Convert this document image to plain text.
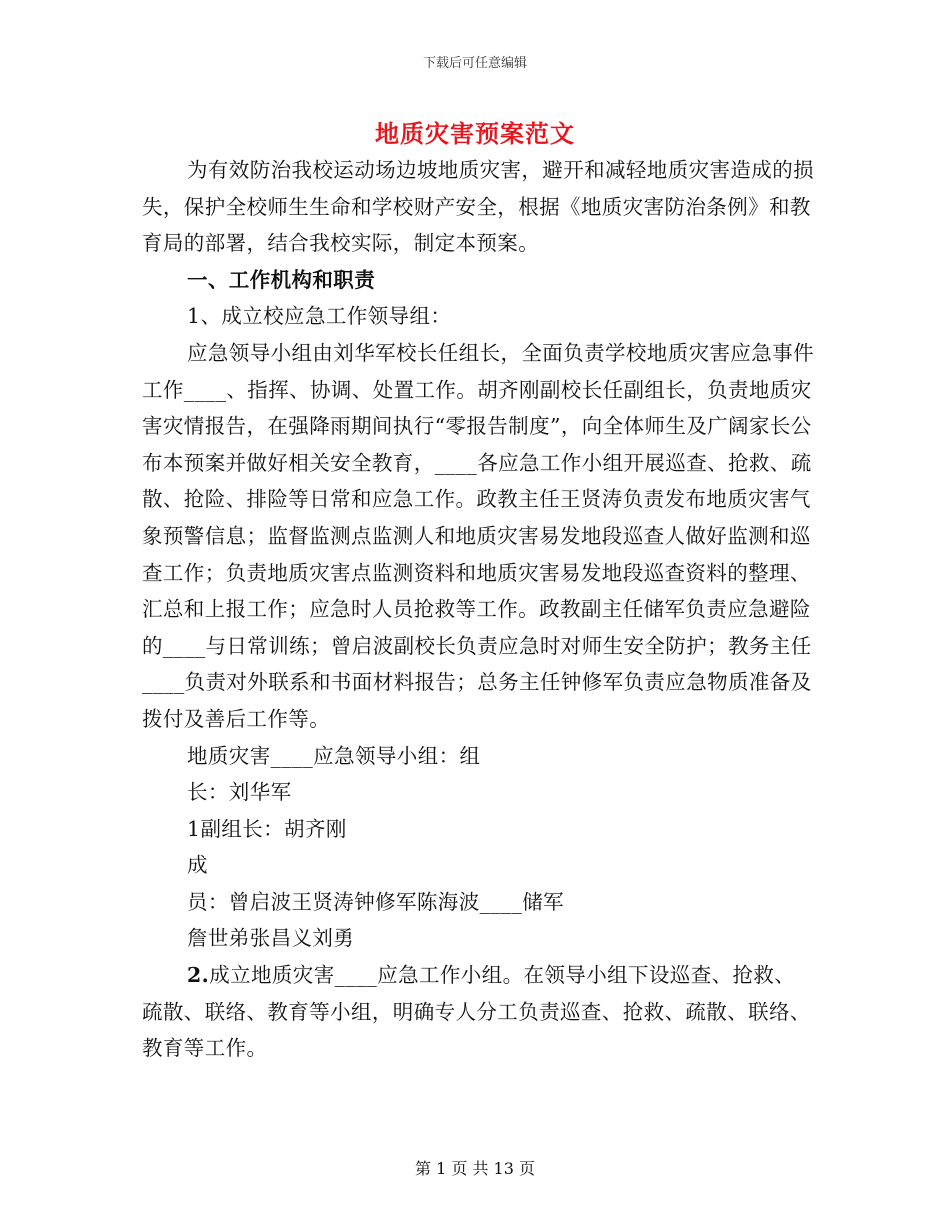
下载后可任意编辑
地质灾害预案范文

为有效防治我校运动场边坡地质灾害，避开和减轻地质灾害造成的损失，保护全校师生生命和学校财产安全，根据《地质灾害防治条例》和教育局的部署，结合我校实际，制定本预案。

一、工作机构和职责

1、成立校应急工作领导组：

应急领导小组由刘华军校长任组长，全面负责学校地质灾害应急事件工作____、指挥、协调、处置工作。胡齐刚副校长任副组长，负责地质灾害灾情报告，在强降雨期间执行“零报告制度”，向全体师生及广阔家长公布本预案并做好相关安全教育，____各应急工作小组开展巡查、抢救、疏散、抢险、排险等日常和应急工作。政教主任王贤涛负责发布地质灾害气象预警信息；监督监测点监测人和地质灾害易发地段巡查人做好监测和巡查工作；负责地质灾害点监测资料和地质灾害易发地段巡查资料的整理、汇总和上报工作；应急时人员抢救等工作。政教副主任储军负责应急避险的____与日常训练；曾启波副校长负责应急时对师生安全防护；教务主任____负责对外联系和书面材料报告；总务主任钟修军负责应急物质准备及拨付及善后工作等。

地质灾害____应急领导小组：组

长：刘华军

1副组长：胡齐刚

成

员：曾启波王贤涛钟修军陈海波____储军

詹世弟张昌义刘勇

2.成立地质灾害____应急工作小组。在领导小组下设巡查、抢救、疏散、联络、教育等小组，明确专人分工负责巡查、抢救、疏散、联络、教育等工作。

第 1 页 共 13 页
